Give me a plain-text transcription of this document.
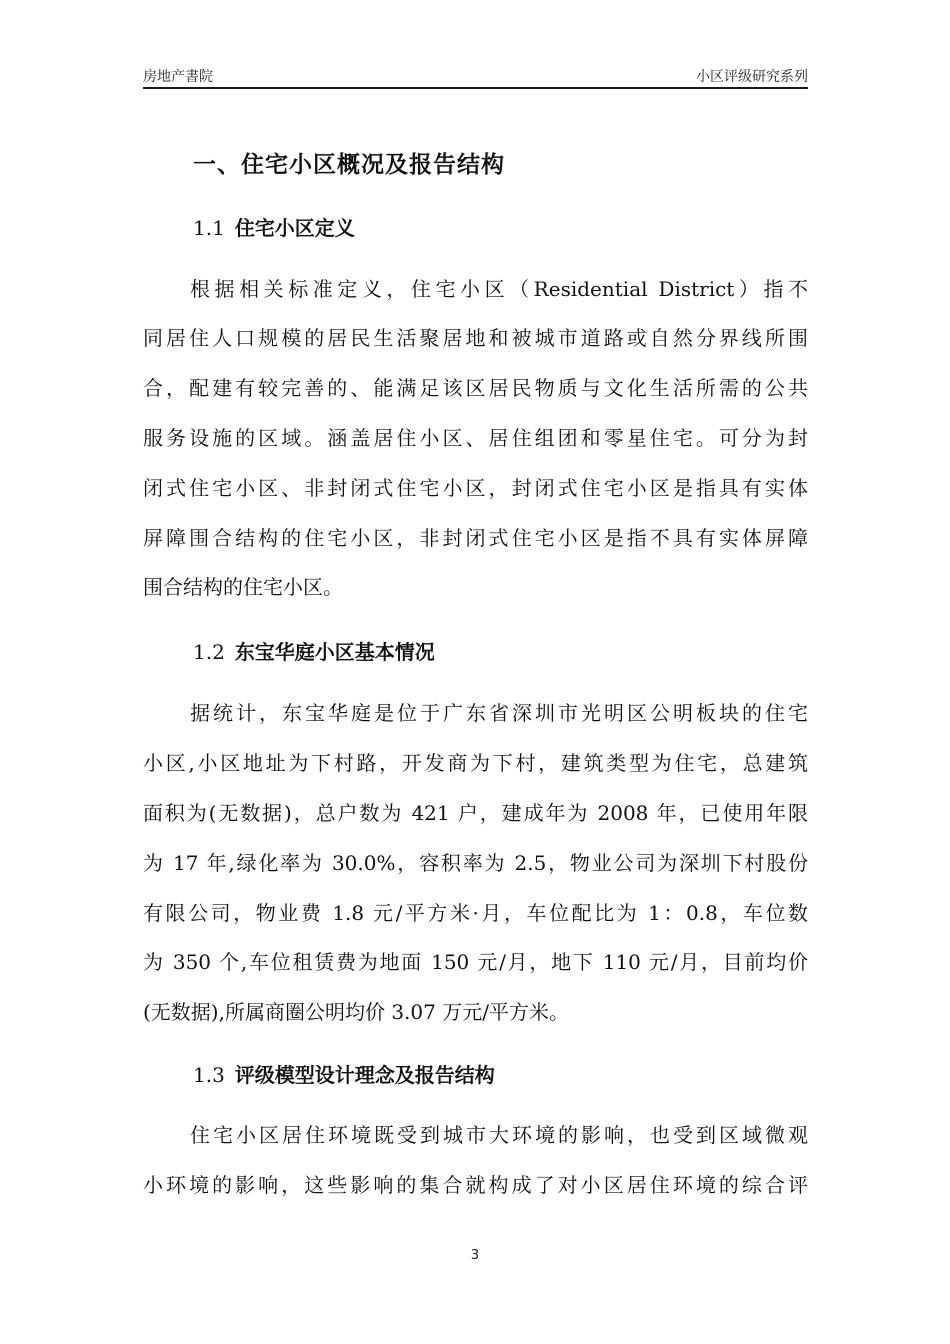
房地产書院	小区评级研究系列
一、住宅小区概况及报告结构
1.1 住宅小区定义
根据相关标准定义，住宅小区（Residential District）指不
同居住人口规模的居民生活聚居地和被城市道路或自然分界线所围
合，配建有较完善的、能满足该区居民物质与文化生活所需的公共
服务设施的区域。涵盖居住小区、居住组团和零星住宅。可分为封
闭式住宅小区、非封闭式住宅小区，封闭式住宅小区是指具有实体
屏障围合结构的住宅小区，非封闭式住宅小区是指不具有实体屏障
围合结构的住宅小区。
1.2 东宝华庭小区基本情况
据统计，东宝华庭是位于广东省深圳市光明区公明板块的住宅
小区,小区地址为下村路，开发商为下村，建筑类型为住宅，总建筑
面积为(无数据)，总户数为 421 户，建成年为 2008 年，已使用年限
为 17 年,绿化率为 30.0%，容积率为 2.5，物业公司为深圳下村股份
有限公司，物业费 1.8 元/平方米·月，车位配比为 1：0.8，车位数
为 350 个,车位租赁费为地面 150 元/月，地下 110 元/月，目前均价
(无数据),所属商圈公明均价 3.07 万元/平方米。
1.3 评级模型设计理念及报告结构
住宅小区居住环境既受到城市大环境的影响，也受到区域微观
小环境的影响，这些影响的集合就构成了对小区居住环境的综合评
3
